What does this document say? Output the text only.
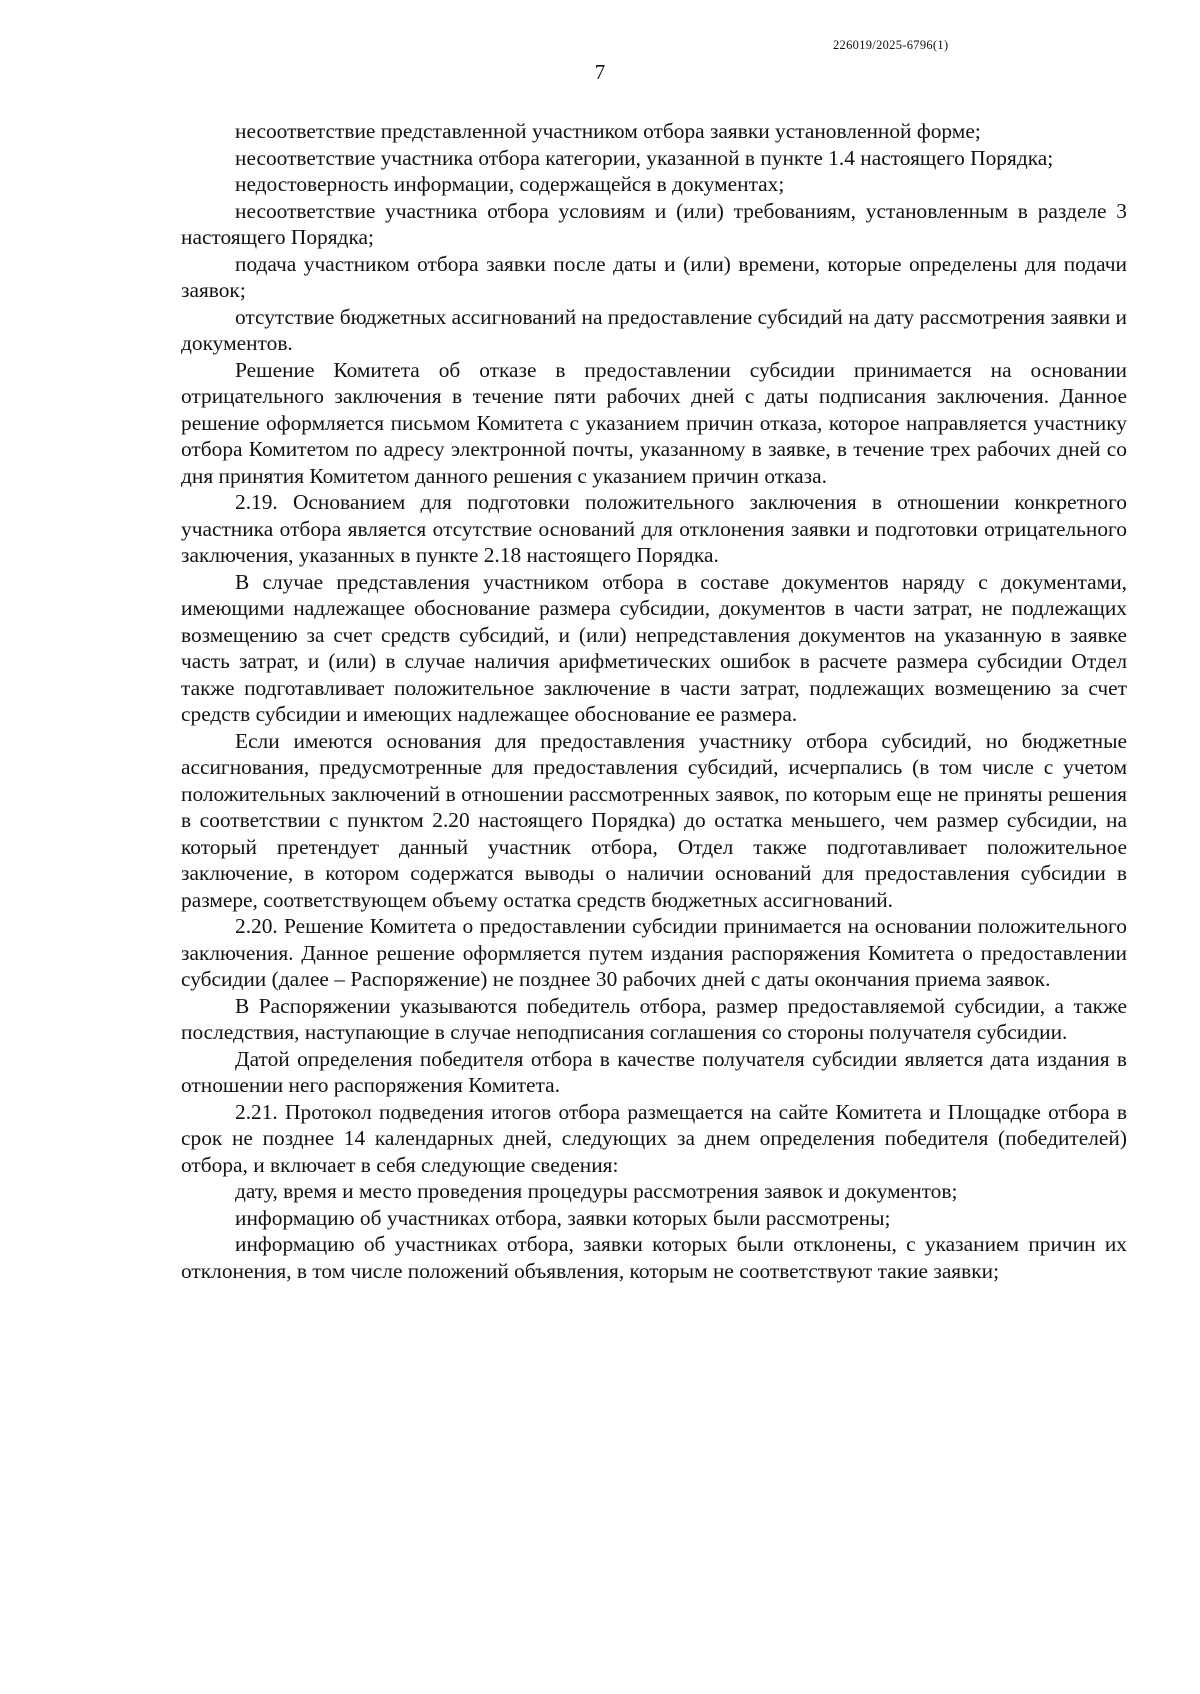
226019/2025-6796(1)
7

несоответствие представленной участником отбора заявки установленной форме;

несоответствие участника отбора категории, указанной в пункте 1.4 настоящего Порядка;

недостоверность информации, содержащейся в документах;

несоответствие участника отбора условиям и (или) требованиям, установленным в разделе 3 настоящего Порядка;

подача участником отбора заявки после даты и (или) времени, которые определены для подачи заявок;

отсутствие бюджетных ассигнований на предоставление субсидий на дату рассмотрения заявки и документов.

Решение Комитета об отказе в предоставлении субсидии принимается на основании отрицательного заключения в течение пяти рабочих дней с даты подписания заключения. Данное решение оформляется письмом Комитета с указанием причин отказа, которое направляется участнику отбора Комитетом по адресу электронной почты, указанному в заявке, в течение трех рабочих дней со дня принятия Комитетом данного решения с указанием причин отказа.

2.19. Основанием для подготовки положительного заключения в отношении конкретного участника отбора является отсутствие оснований для отклонения заявки и подготовки отрицательного заключения, указанных в пункте 2.18 настоящего Порядка.

В случае представления участником отбора в составе документов наряду с документами, имеющими надлежащее обоснование размера субсидии, документов в части затрат, не подлежащих возмещению за счет средств субсидий, и (или) непредставления документов на указанную в заявке часть затрат, и (или) в случае наличия арифметических ошибок в расчете размера субсидии Отдел также подготавливает положительное заключение в части затрат, подлежащих возмещению за счет средств субсидии и имеющих надлежащее обоснование ее размера.

Если имеются основания для предоставления участнику отбора субсидий, но бюджетные ассигнования, предусмотренные для предоставления субсидий, исчерпались (в том числе с учетом положительных заключений в отношении рассмотренных заявок, по которым еще не приняты решения в соответствии с пунктом 2.20 настоящего Порядка) до остатка меньшего, чем размер субсидии, на который претендует данный участник отбора, Отдел также подготавливает положительное заключение, в котором содержатся выводы о наличии оснований для предоставления субсидии в размере, соответствующем объему остатка средств бюджетных ассигнований.

2.20. Решение Комитета о предоставлении субсидии принимается на основании положительного заключения. Данное решение оформляется путем издания распоряжения Комитета о предоставлении субсидии (далее – Распоряжение) не позднее 30 рабочих дней с даты окончания приема заявок.

В Распоряжении указываются победитель отбора, размер предоставляемой субсидии, а также последствия, наступающие в случае неподписания соглашения со стороны получателя субсидии.

Датой определения победителя отбора в качестве получателя субсидии является дата издания в отношении него распоряжения Комитета.

2.21. Протокол подведения итогов отбора размещается на сайте Комитета и Площадке отбора в срок не позднее 14 календарных дней, следующих за днем определения победителя (победителей) отбора, и включает в себя следующие сведения:

дату, время и место проведения процедуры рассмотрения заявок и документов;

информацию об участниках отбора, заявки которых были рассмотрены;

информацию об участниках отбора, заявки которых были отклонены, с указанием причин их отклонения, в том числе положений объявления, которым не соответствуют такие заявки;
